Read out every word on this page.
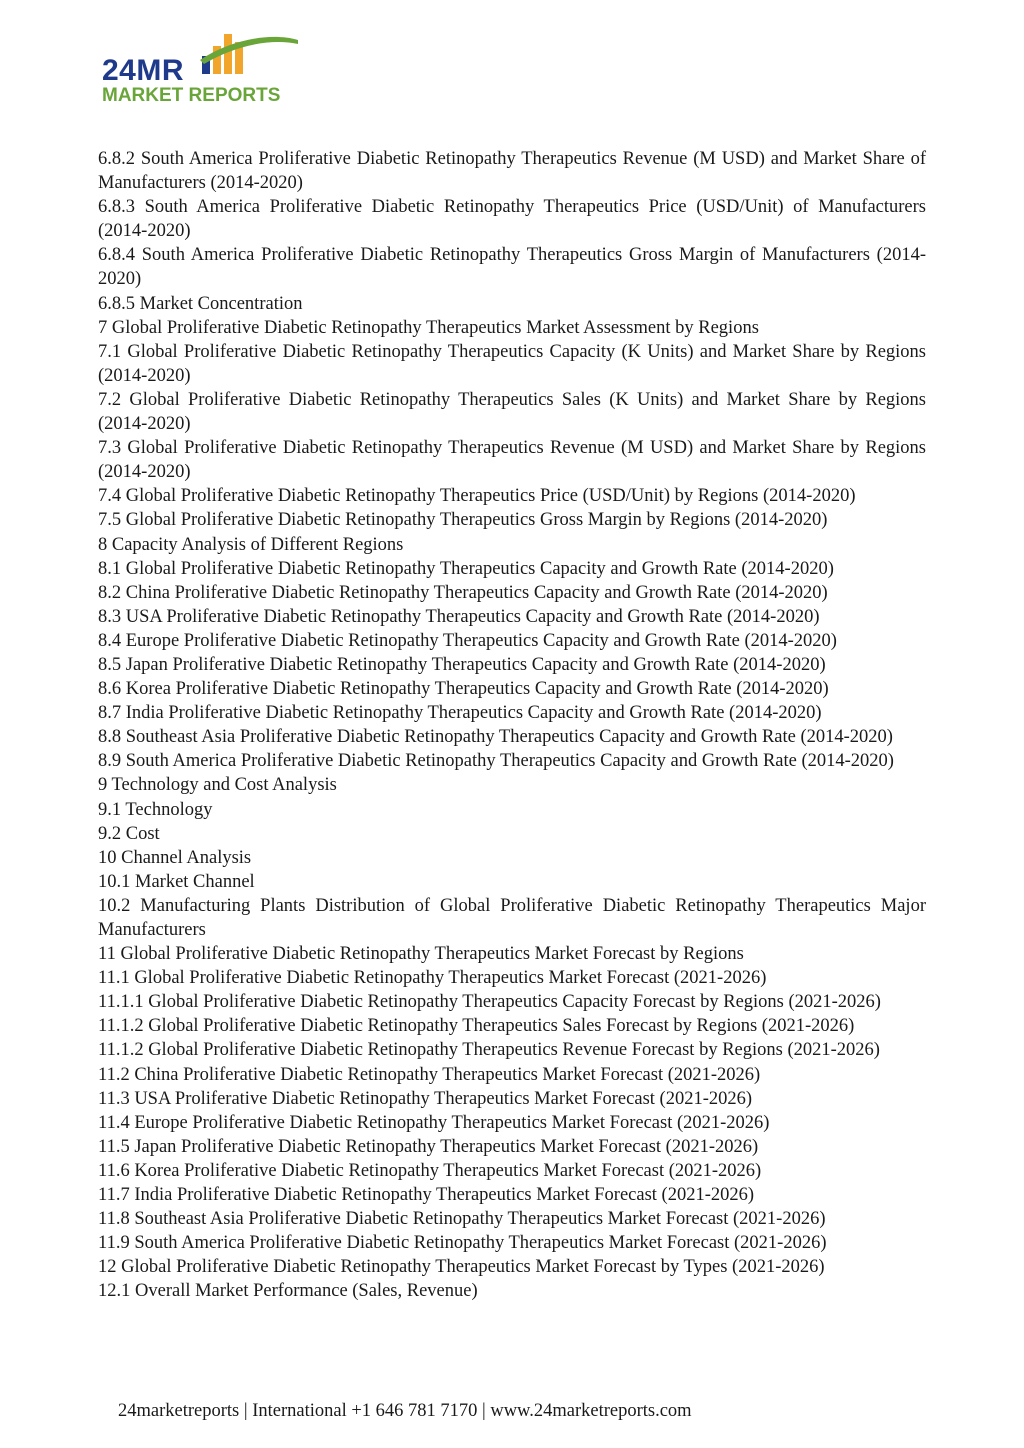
24MR
MARKET REPORTS

6.8.2 South America Proliferative Diabetic Retinopathy Therapeutics Revenue (M USD) and Market Share of Manufacturers (2014-2020)

6.8.3 South America Proliferative Diabetic Retinopathy Therapeutics Price (USD/Unit) of Manufacturers (2014-2020)

6.8.4 South America Proliferative Diabetic Retinopathy Therapeutics Gross Margin of Manufacturers (2014-2020)

6.8.5 Market Concentration

7 Global Proliferative Diabetic Retinopathy Therapeutics Market Assessment by Regions

7.1 Global Proliferative Diabetic Retinopathy Therapeutics Capacity (K Units) and Market Share by Regions (2014-2020)

7.2 Global Proliferative Diabetic Retinopathy Therapeutics Sales (K Units) and Market Share by Regions (2014-2020)

7.3 Global Proliferative Diabetic Retinopathy Therapeutics Revenue (M USD) and Market Share by Regions (2014-2020)

7.4 Global Proliferative Diabetic Retinopathy Therapeutics Price (USD/Unit) by Regions (2014-2020)

7.5 Global Proliferative Diabetic Retinopathy Therapeutics Gross Margin by Regions (2014-2020)

8 Capacity Analysis of Different Regions

8.1 Global Proliferative Diabetic Retinopathy Therapeutics Capacity and Growth Rate (2014-2020)

8.2 China Proliferative Diabetic Retinopathy Therapeutics Capacity and Growth Rate (2014-2020)

8.3 USA Proliferative Diabetic Retinopathy Therapeutics Capacity and Growth Rate (2014-2020)

8.4 Europe Proliferative Diabetic Retinopathy Therapeutics Capacity and Growth Rate (2014-2020)

8.5 Japan Proliferative Diabetic Retinopathy Therapeutics Capacity and Growth Rate (2014-2020)

8.6 Korea Proliferative Diabetic Retinopathy Therapeutics Capacity and Growth Rate (2014-2020)

8.7 India Proliferative Diabetic Retinopathy Therapeutics Capacity and Growth Rate (2014-2020)

8.8 Southeast Asia Proliferative Diabetic Retinopathy Therapeutics Capacity and Growth Rate (2014-2020)

8.9 South America Proliferative Diabetic Retinopathy Therapeutics Capacity and Growth Rate (2014-2020)

9 Technology and Cost Analysis

9.1 Technology

9.2 Cost

10 Channel Analysis

10.1 Market Channel

10.2 Manufacturing Plants Distribution of Global Proliferative Diabetic Retinopathy Therapeutics Major Manufacturers

11 Global Proliferative Diabetic Retinopathy Therapeutics Market Forecast by Regions

11.1 Global Proliferative Diabetic Retinopathy Therapeutics Market Forecast (2021-2026)

11.1.1 Global Proliferative Diabetic Retinopathy Therapeutics Capacity Forecast by Regions (2021-2026)

11.1.2 Global Proliferative Diabetic Retinopathy Therapeutics Sales Forecast by Regions (2021-2026)

11.1.2 Global Proliferative Diabetic Retinopathy Therapeutics Revenue Forecast by Regions (2021-2026)

11.2 China Proliferative Diabetic Retinopathy Therapeutics Market Forecast (2021-2026)

11.3 USA Proliferative Diabetic Retinopathy Therapeutics Market Forecast (2021-2026)

11.4 Europe Proliferative Diabetic Retinopathy Therapeutics Market Forecast (2021-2026)

11.5 Japan Proliferative Diabetic Retinopathy Therapeutics Market Forecast (2021-2026)

11.6 Korea Proliferative Diabetic Retinopathy Therapeutics Market Forecast (2021-2026)

11.7 India Proliferative Diabetic Retinopathy Therapeutics Market Forecast (2021-2026)

11.8 Southeast Asia Proliferative Diabetic Retinopathy Therapeutics Market Forecast (2021-2026)

11.9 South America Proliferative Diabetic Retinopathy Therapeutics Market Forecast (2021-2026)

12 Global Proliferative Diabetic Retinopathy Therapeutics Market Forecast by Types (2021-2026)

12.1 Overall Market Performance (Sales, Revenue)

24marketreports | International +1 646 781 7170 | www.24marketreports.com
